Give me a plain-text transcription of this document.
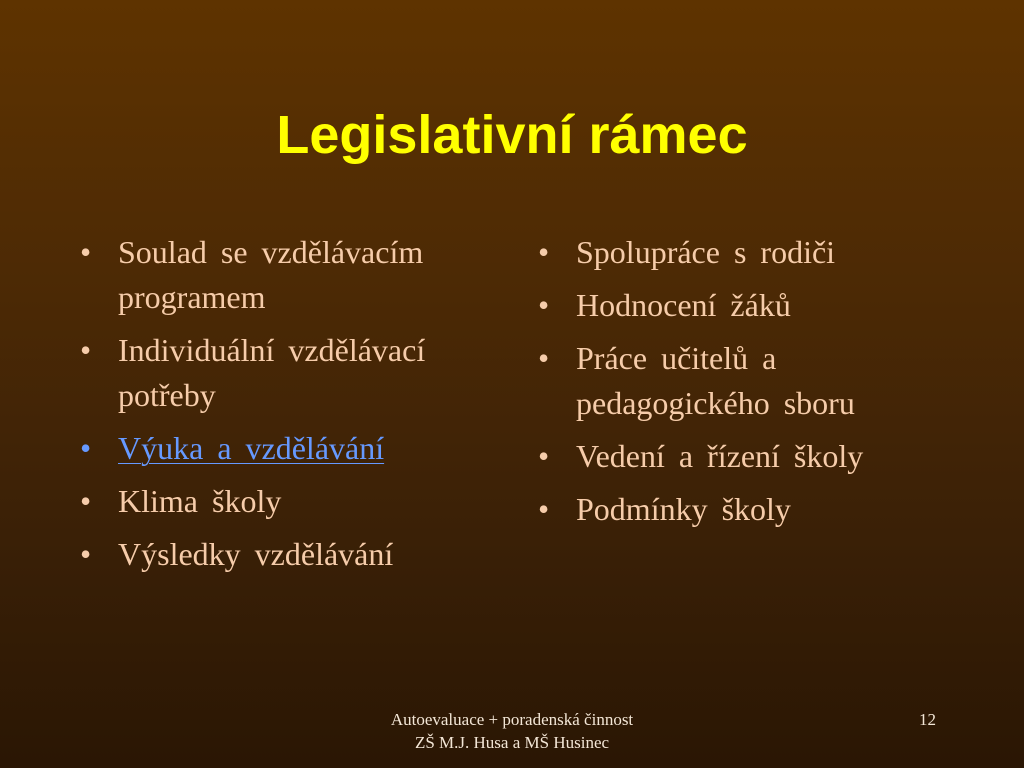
Legislativní rámec
• Soulad se vzdělávacím programem
• Individuální vzdělávací potřeby
• Výuka a vzdělávání
• Klima školy
• Výsledky vzdělávání
• Spolupráce s rodiči
• Hodnocení žáků
• Práce učitelů a pedagogického sboru
• Vedení a řízení školy
• Podmínky školy
Autoevaluace + poradenská činnost
ZŠ M.J. Husa a MŠ Husinec
12
